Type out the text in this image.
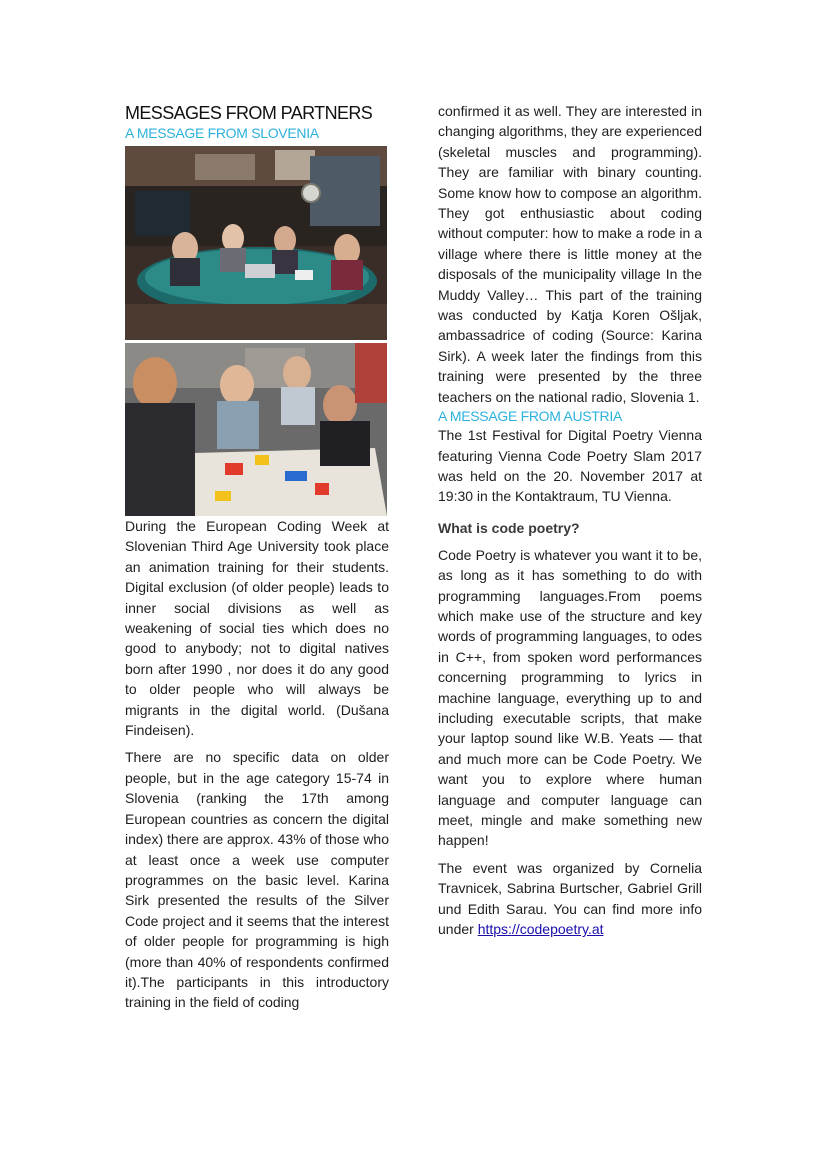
MESSAGES FROM PARTNERS
A MESSAGE FROM SLOVENIA

During the European Coding Week at Slovenian Third Age University took place an animation training for their students. Digital exclusion (of older people) leads to inner social divisions as well as weakening of social ties which does no good to anybody; not to digital natives born after 1990 , nor does it do any good to older people who will always be migrants in the digital world. (Dušana Findeisen).

There are no specific data on older people, but in the age category 15-74 in Slovenia (ranking the 17th among European countries as concern the digital index) there are approx. 43% of those who at least once a week use computer programmes on the basic level. Karina Sirk presented the results of the Silver Code project and it seems that the interest of older people for programming is high (more than 40% of respondents confirmed it).The participants in this introductory training in the field of coding

confirmed it as well. They are interested in changing algorithms, they are experienced (skeletal muscles and programming). They are familiar with binary counting. Some know how to compose an algorithm. They got enthusiastic about coding without computer: how to make a rode in a village where there is little money at the disposals of the municipality village In the Muddy Valley… This part of the training was conducted by Katja Koren Ošljak, ambassadrice of coding (Source: Karina Sirk). A week later the findings from this training were presented by the three teachers on the national radio, Slovenia 1.

A MESSAGE FROM AUSTRIA

The 1st Festival for Digital Poetry Vienna featuring Vienna Code Poetry Slam 2017 was held on the 20. November 2017 at 19:30 in the Kontaktraum, TU Vienna.

What is code poetry?

Code Poetry is whatever you want it to be, as long as it has something to do with programming languages.From poems which make use of the structure and key words of programming languages, to odes in C++, from spoken word performances concerning programming to lyrics in machine language, everything up to and including executable scripts, that make your laptop sound like W.B. Yeats — that and much more can be Code Poetry. We want you to explore where human language and computer language can meet, mingle and make something new happen!

The event was organized by Cornelia Travnicek, Sabrina Burtscher, Gabriel Grill und Edith Sarau. You can find more info under https://codepoetry.at
